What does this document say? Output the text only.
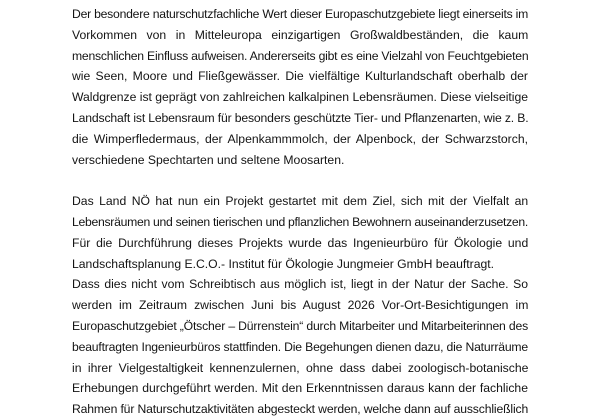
Der besondere naturschutzfachliche Wert dieser Europaschutzgebiete liegt einerseits im
Vorkommen von in Mitteleuropa einzigartigen Großwaldbeständen, die kaum
menschlichen Einfluss aufweisen. Andererseits gibt es eine Vielzahl von Feuchtgebieten
wie Seen, Moore und Fließgewässer. Die vielfältige Kulturlandschaft oberhalb der
Waldgrenze ist geprägt von zahlreichen kalkalpinen Lebensräumen. Diese vielseitige
Landschaft ist Lebensraum für besonders geschützte Tier- und Pflanzenarten, wie z. B.
die Wimperfledermaus, der Alpenkammmolch, der Alpenbock, der Schwarzstorch,
verschiedene Spechtarten und seltene Moosarten.
Das Land NÖ hat nun ein Projekt gestartet mit dem Ziel, sich mit der Vielfalt an
Lebensräumen und seinen tierischen und pflanzlichen Bewohnern auseinanderzusetzen.
Für die Durchführung dieses Projekts wurde das Ingenieurbüro für Ökologie und
Landschaftsplanung E.C.O.- Institut für Ökologie Jungmeier GmbH beauftragt.
Dass dies nicht vom Schreibtisch aus möglich ist, liegt in der Natur der Sache. So
werden im Zeitraum zwischen Juni bis August 2026 Vor-Ort-Besichtigungen im
Europaschutzgebiet „Ötscher – Dürrenstein“ durch Mitarbeiter und Mitarbeiterinnen des
beauftragten Ingenieurbüros stattfinden. Die Begehungen dienen dazu, die Naturräume
in ihrer Vielgestaltigkeit kennenzulernen, ohne dass dabei zoologisch-botanische
Erhebungen durchgeführt werden. Mit den Erkenntnissen daraus kann der fachliche
Rahmen für Naturschutzaktivitäten abgesteckt werden, welche dann auf ausschließlich
